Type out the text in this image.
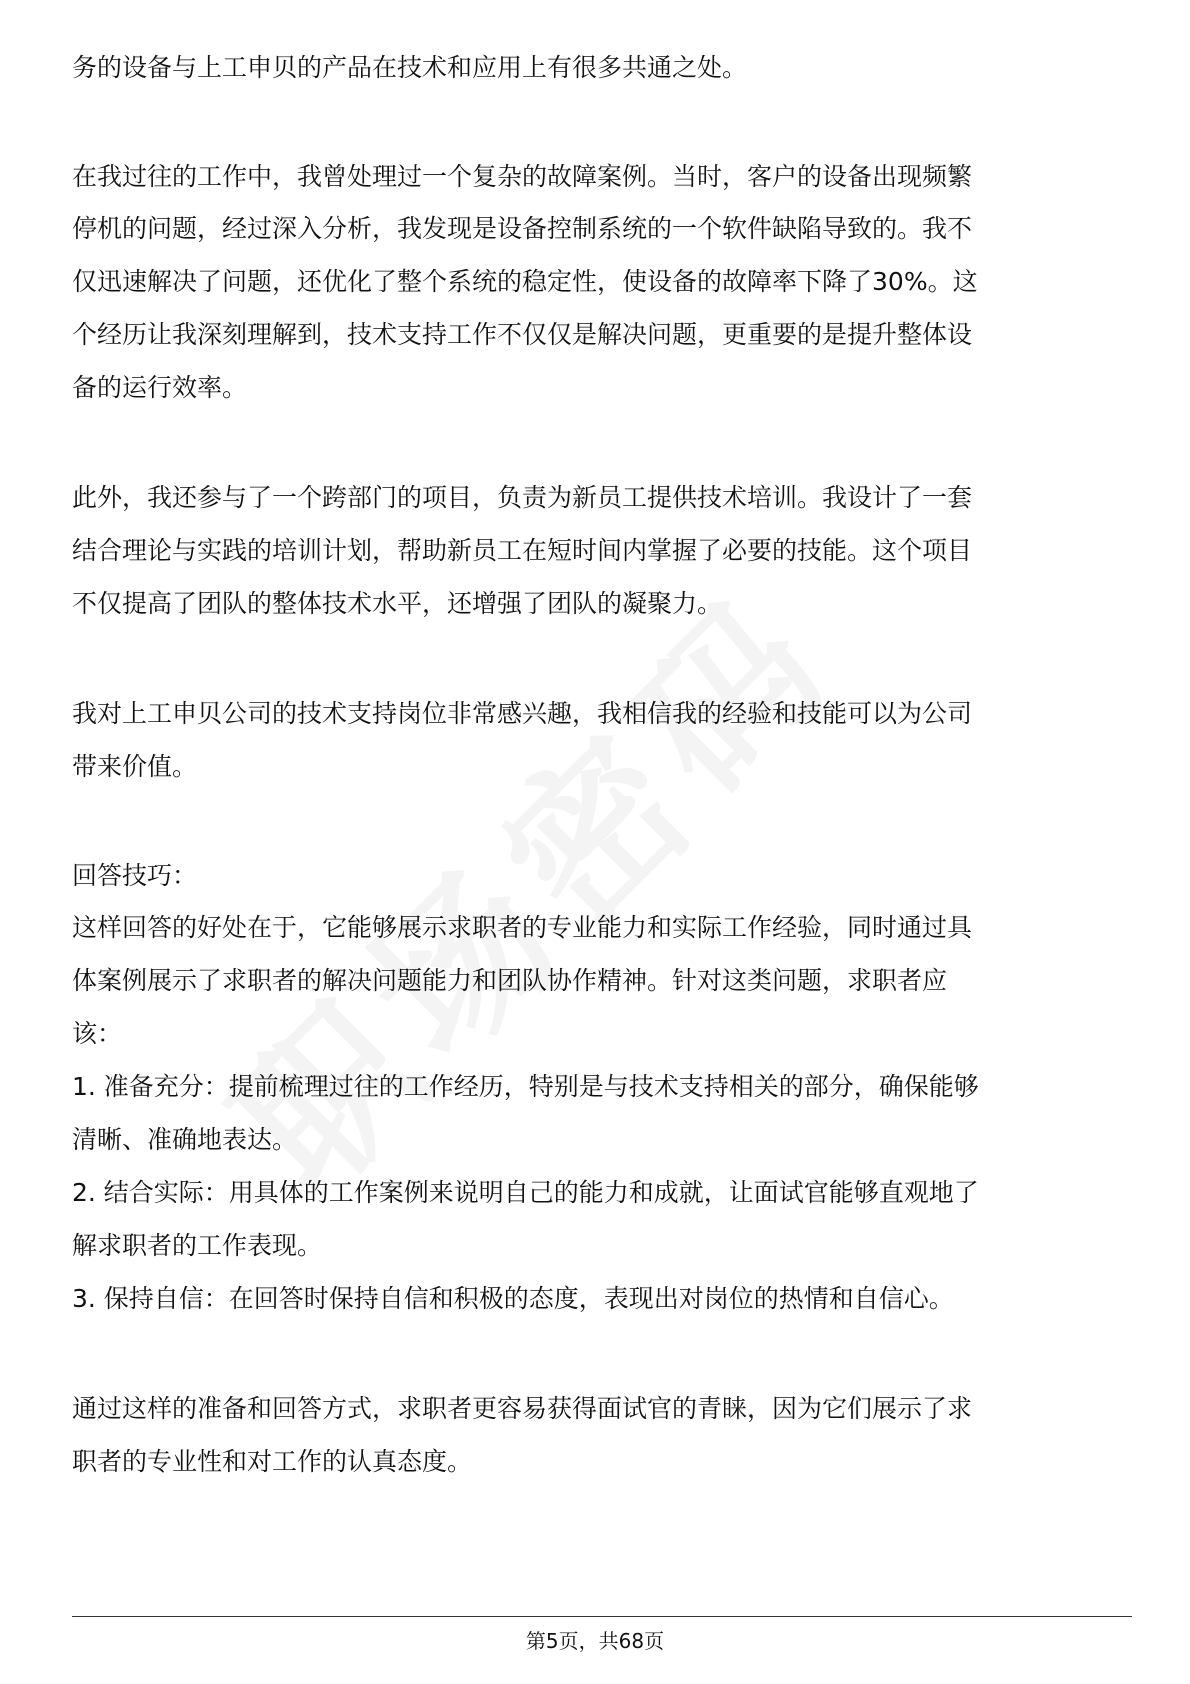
务的设备与上工申贝的产品在技术和应用上有很多共通之处。
在我过往的工作中，我曾处理过一个复杂的故障案例。当时，客户的设备出现频繁
停机的问题，经过深入分析，我发现是设备控制系统的一个软件缺陷导致的。我不
仅迅速解决了问题，还优化了整个系统的稳定性，使设备的故障率下降了30%。这
个经历让我深刻理解到，技术支持工作不仅仅是解决问题，更重要的是提升整体设
备的运行效率。
此外，我还参与了一个跨部门的项目，负责为新员工提供技术培训。我设计了一套
结合理论与实践的培训计划，帮助新员工在短时间内掌握了必要的技能。这个项目
不仅提高了团队的整体技术水平，还增强了团队的凝聚力。
我对上工申贝公司的技术支持岗位非常感兴趣，我相信我的经验和技能可以为公司
带来价值。
回答技巧：
这样回答的好处在于，它能够展示求职者的专业能力和实际工作经验，同时通过具
体案例展示了求职者的解决问题能力和团队协作精神。针对这类问题，求职者应
该：
1. 准备充分：提前梳理过往的工作经历，特别是与技术支持相关的部分，确保能够
清晰、准确地表达。
2. 结合实际：用具体的工作案例来说明自己的能力和成就，让面试官能够直观地了
解求职者的工作表现。
3. 保持自信：在回答时保持自信和积极的态度，表现出对岗位的热情和自信心。
通过这样的准备和回答方式，求职者更容易获得面试官的青睐，因为它们展示了求
职者的专业性和对工作的认真态度。
第5页，共68页
